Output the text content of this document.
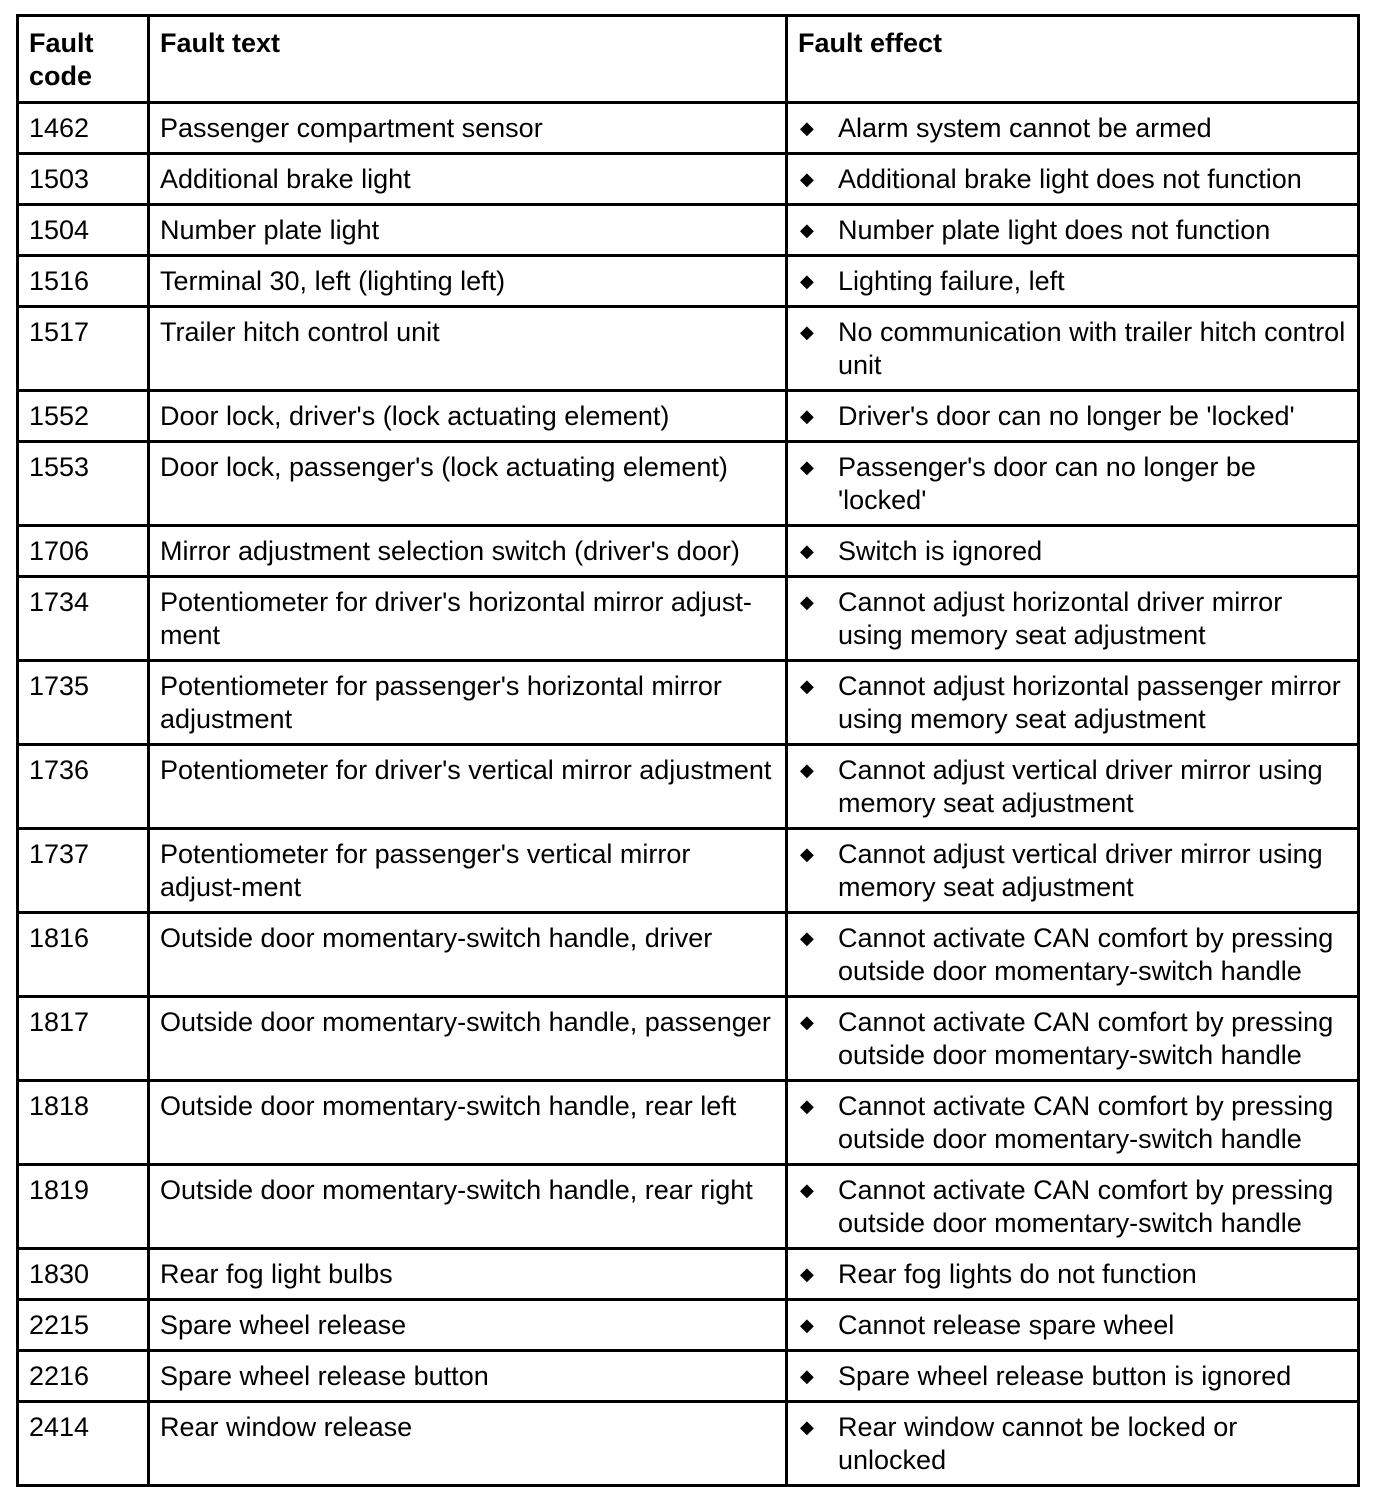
Fault code	Fault text	Fault effect
1462	Passenger compartment sensor	◆ Alarm system cannot be armed

1503	Additional brake light	◆ Additional brake light does not function

1504	Number plate light	◆ Number plate light does not function

1516	Terminal 30, left (lighting left)	◆ Lighting failure, left

1517	Trailer hitch control unit	◆ No communication with trailer hitch control unit

1552	Door lock, driver's (lock actuating element)	◆ Driver's door can no longer be 'locked'

1553	Door lock, passenger's (lock actuating element)	◆ Passenger's door can no longer be 'locked'

1706	Mirror adjustment selection switch (driver's door)	◆ Switch is ignored

1734	Potentiometer for driver's horizontal mirror adjust-ment	◆ Cannot adjust horizontal driver mirror using memory seat adjustment

1735	Potentiometer for passenger's horizontal mirror adjustment	◆ Cannot adjust horizontal passenger mirror using memory seat adjustment

1736	Potentiometer for driver's vertical mirror adjustment	◆ Cannot adjust vertical driver mirror using memory seat adjustment

1737	Potentiometer for passenger's vertical mirror adjust-ment	◆ Cannot adjust vertical driver mirror using memory seat adjustment

1816	Outside door momentary-switch handle, driver	◆ Cannot activate CAN comfort by pressing outside door momentary-switch handle

1817	Outside door momentary-switch handle, passenger	◆ Cannot activate CAN comfort by pressing outside door momentary-switch handle

1818	Outside door momentary-switch handle, rear left	◆ Cannot activate CAN comfort by pressing outside door momentary-switch handle

1819	Outside door momentary-switch handle, rear right	◆ Cannot activate CAN comfort by pressing outside door momentary-switch handle

1830	Rear fog light bulbs	◆ Rear fog lights do not function

2215	Spare wheel release	◆ Cannot release spare wheel

2216	Spare wheel release button	◆ Spare wheel release button is ignored

2414	Rear window release	◆ Rear window cannot be locked or unlocked
